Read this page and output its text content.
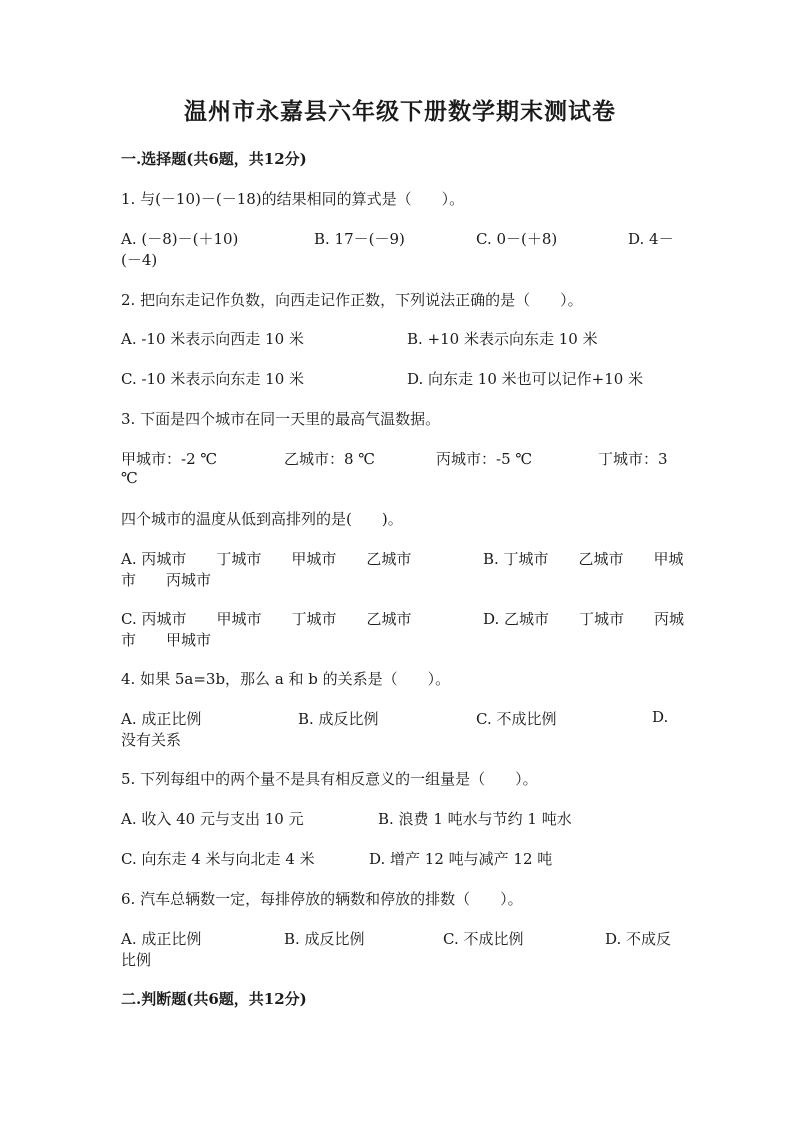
温州市永嘉县六年级下册数学期末测试卷
一.选择题(共6题，共12分)
1. 与(－10)－(－18)的结果相同的算式是（　　）。
A. (－8)－(＋10)	B. 17－(－9)	C. 0－(＋8)	D. 4－
(－4)
2. 把向东走记作负数，向西走记作正数，下列说法正确的是（　　）。
A. -10 米表示向西走 10 米	B. +10 米表示向东走 10 米
C. -10 米表示向东走 10 米	D. 向东走 10 米也可以记作+10 米
3. 下面是四个城市在同一天里的最高气温数据。
甲城市：-2 ℃	乙城市：8 ℃	丙城市：-5 ℃	丁城市：3
℃
四个城市的温度从低到高排列的是(　　)。
A. 丙城市　　丁城市　　甲城市　　乙城市	B. 丁城市　　乙城市　　甲城
市　　丙城市
C. 丙城市　　甲城市　　丁城市　　乙城市	D. 乙城市　　丁城市　　丙城
市　　甲城市
4. 如果 5a=3b，那么 a 和 b 的关系是（　　）。
A. 成正比例	B. 成反比例	C. 不成比例	D.
没有关系
5. 下列每组中的两个量不是具有相反意义的一组量是（　　）。
A. 收入 40 元与支出 10 元	B. 浪费 1 吨水与节约 1 吨水
C. 向东走 4 米与向北走 4 米	D. 增产 12 吨与减产 12 吨
6. 汽车总辆数一定，每排停放的辆数和停放的排数（　　）。
A. 成正比例	B. 成反比例	C. 不成比例	D. 不成反
比例
二.判断题(共6题，共12分)
